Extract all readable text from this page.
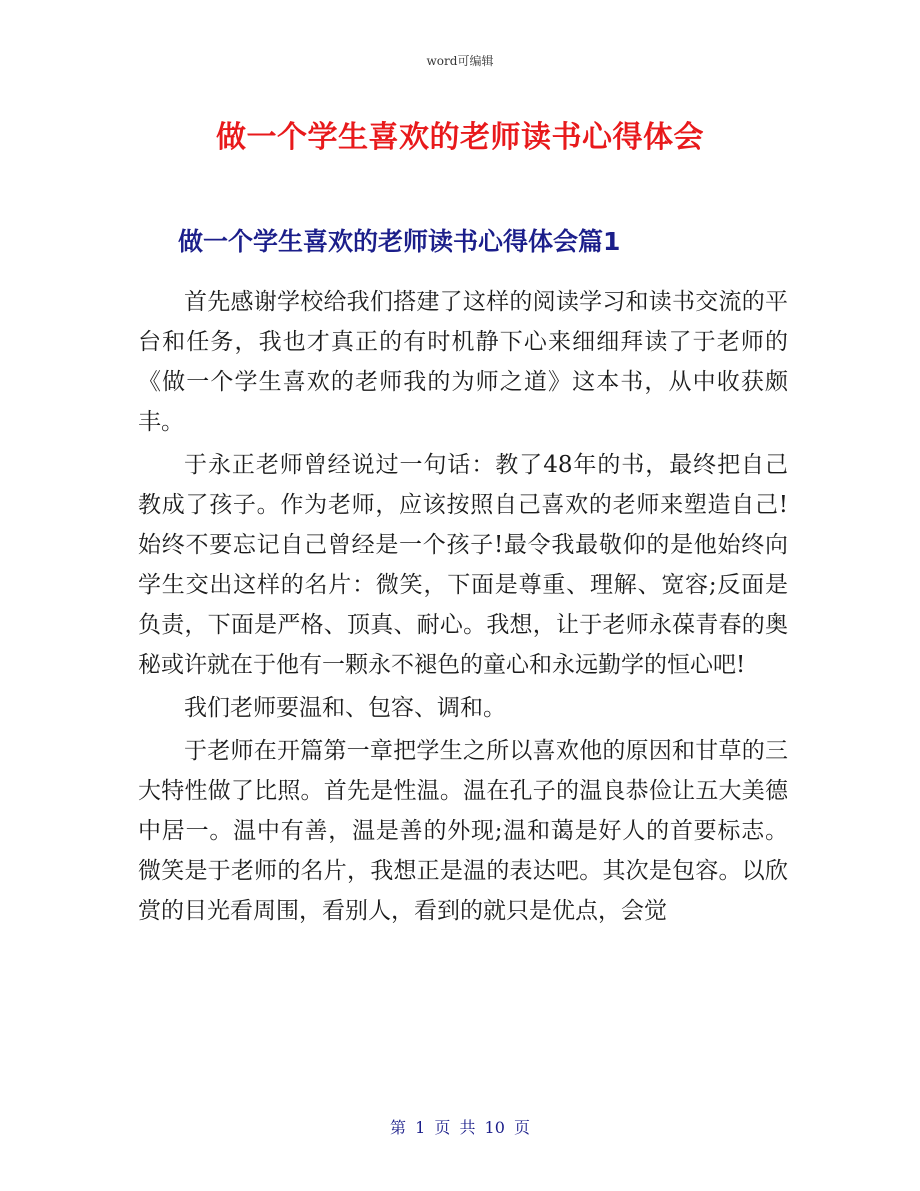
word可编辑
做一个学生喜欢的老师读书心得体会
做一个学生喜欢的老师读书心得体会篇1

首先感谢学校给我们搭建了这样的阅读学习和读书交流的平台和任务，我也才真正的有时机静下心来细细拜读了于老师的《做一个学生喜欢的老师我的为师之道》这本书，从中收获颇丰。

于永正老师曾经说过一句话：教了48年的书，最终把自己教成了孩子。作为老师，应该按照自己喜欢的老师来塑造自己!始终不要忘记自己曾经是一个孩子!最令我最敬仰的是他始终向学生交出这样的名片：微笑，下面是尊重、理解、宽容;反面是负责，下面是严格、顶真、耐心。我想，让于老师永葆青春的奥秘或许就在于他有一颗永不褪色的童心和永远勤学的恒心吧!

我们老师要温和、包容、调和。

于老师在开篇第一章把学生之所以喜欢他的原因和甘草的三大特性做了比照。首先是性温。温在孔子的温良恭俭让五大美德中居一。温中有善，温是善的外现;温和蔼是好人的首要标志。微笑是于老师的名片，我想正是温的表达吧。其次是包容。以欣赏的目光看周围，看别人，看到的就只是优点，会觉

第 1 页 共 10 页
